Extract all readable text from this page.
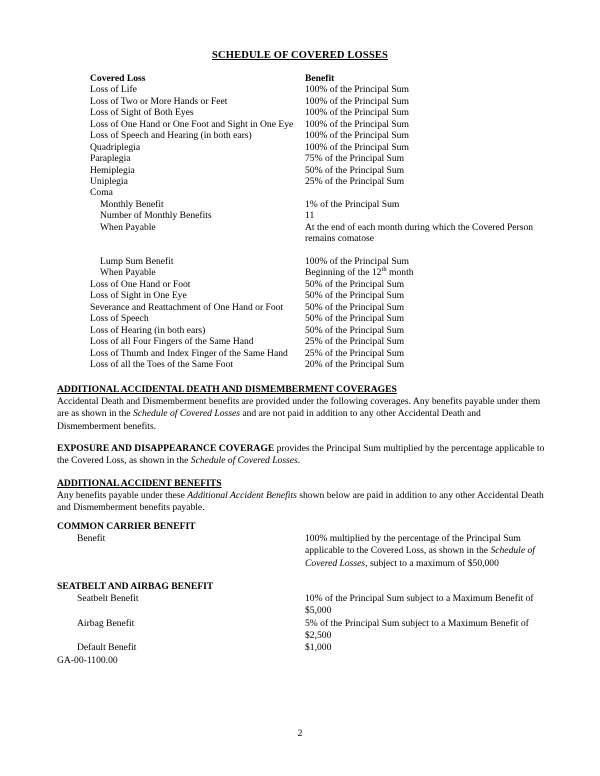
SCHEDULE OF COVERED LOSSES
Covered Loss	Benefit
Loss of Life	100% of the Principal Sum
Loss of Two or More Hands or Feet	100% of the Principal Sum
Loss of Sight of Both Eyes	100% of the Principal Sum
Loss of One Hand or One Foot and Sight in One Eye	100% of the Principal Sum
Loss of Speech and Hearing (in both ears)	100% of the Principal Sum
Quadriplegia	100% of the Principal Sum
Paraplegia	75% of the Principal Sum
Hemiplegia	50% of the Principal Sum
Uniplegia	25% of the Principal Sum
Coma
Monthly Benefit	1% of the Principal Sum
Number of Monthly Benefits	11
When Payable	At the end of each month during which the Covered Person remains comatose
Lump Sum Benefit	100% of the Principal Sum
When Payable	Beginning of the 12th month
Loss of One Hand or Foot	50% of the Principal Sum
Loss of Sight in One Eye	50% of the Principal Sum
Severance and Reattachment of One Hand or Foot	50% of the Principal Sum
Loss of Speech	50% of the Principal Sum
Loss of Hearing (in both ears)	50% of the Principal Sum
Loss of all Four Fingers of the Same Hand	25% of the Principal Sum
Loss of Thumb and Index Finger of the Same Hand	25% of the Principal Sum
Loss of all the Toes of the Same Foot	20% of the Principal Sum
ADDITIONAL ACCIDENTAL DEATH AND DISMEMBERMENT COVERAGES
Accidental Death and Dismemberment benefits are provided under the following coverages. Any benefits payable under them are as shown in the Schedule of Covered Losses and are not paid in addition to any other Accidental Death and Dismemberment benefits.
EXPOSURE AND DISAPPEARANCE COVERAGE provides the Principal Sum multiplied by the percentage applicable to the Covered Loss, as shown in the Schedule of Covered Losses.
ADDITIONAL ACCIDENT BENEFITS
Any benefits payable under these Additional Accident Benefits shown below are paid in addition to any other Accidental Death and Dismemberment benefits payable.
COMMON CARRIER BENEFIT
Benefit	100% multiplied by the percentage of the Principal Sum applicable to the Covered Loss, as shown in the Schedule of Covered Losses, subject to a maximum of $50,000
SEATBELT AND AIRBAG BENEFIT
Seatbelt Benefit	10% of the Principal Sum subject to a Maximum Benefit of $5,000
Airbag Benefit	5% of the Principal Sum subject to a Maximum Benefit of $2,500
Default Benefit	$1,000
GA-00-1100.00
2
